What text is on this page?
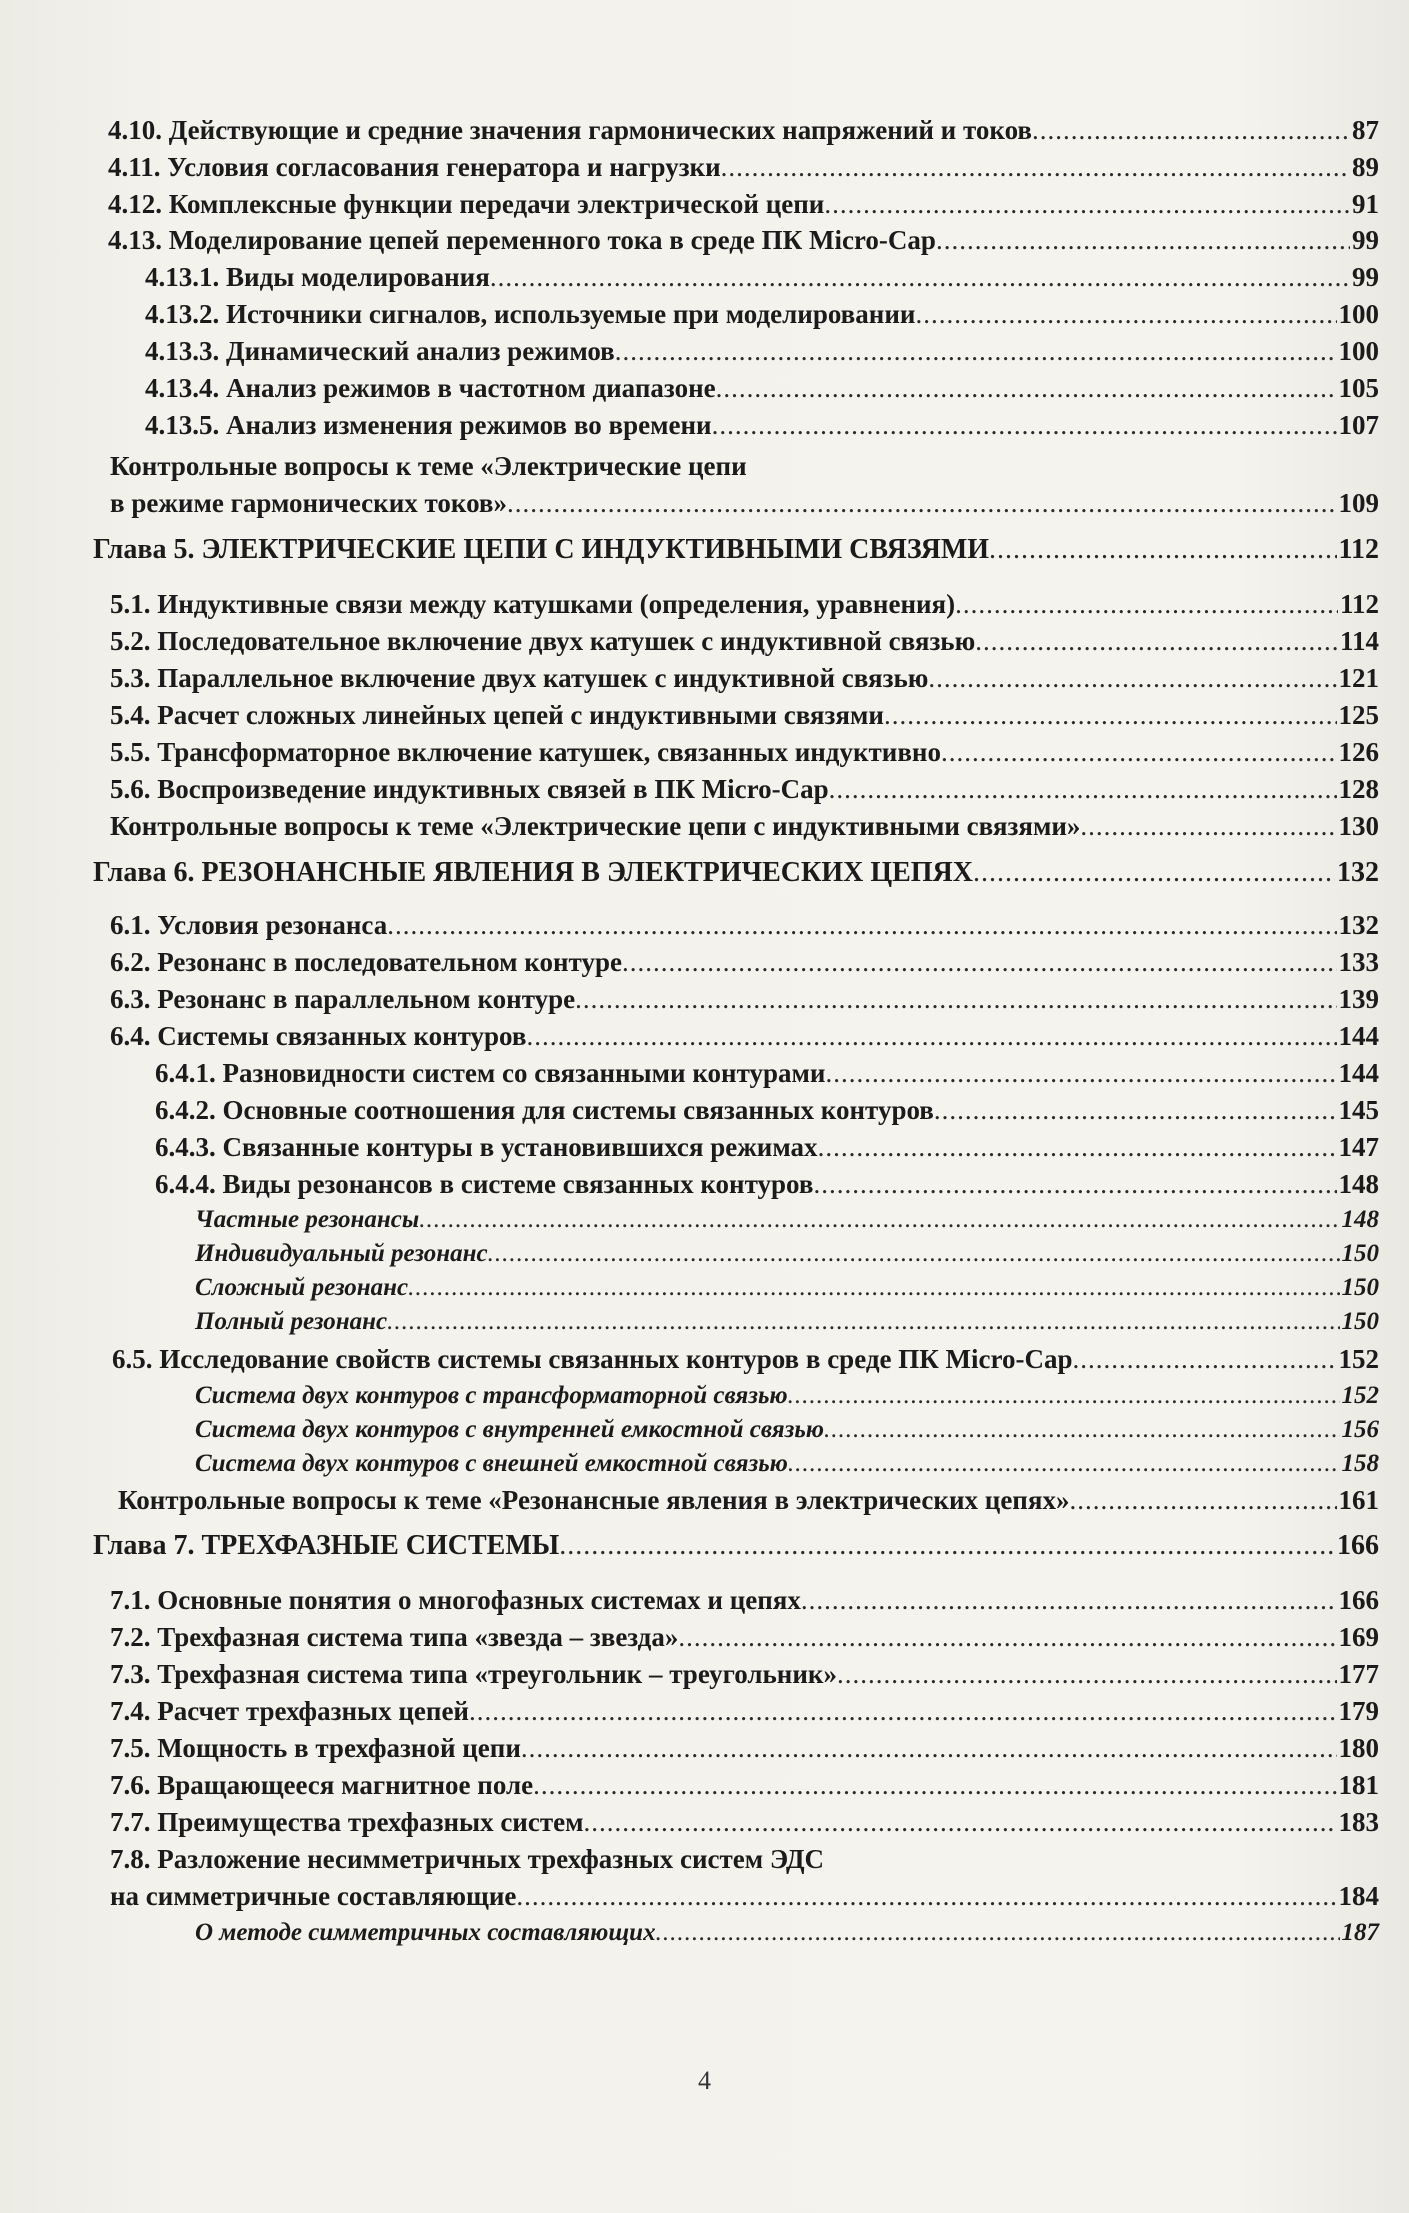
4.10. Действующие и средние значения гармонических напряжений и токов .....	87
4.11. Условия согласования генератора и нагрузки .....	89
4.12. Комплексные функции передачи электрической цепи .....	91
4.13. Моделирование цепей переменного тока в среде ПК Micro-Cap .....	99
4.13.1. Виды моделирования .....	99
4.13.2. Источники сигналов, используемые при моделировании .....	100
4.13.3. Динамический анализ режимов .....	100
4.13.4. Анализ режимов в частотном диапазоне .....	105
4.13.5. Анализ изменения режимов во времени .....	107
Контрольные вопросы к теме «Электрические цепи
в режиме гармонических токов» .....	109
Глава 5. ЭЛЕКТРИЧЕСКИЕ ЦЕПИ С ИНДУКТИВНЫМИ СВЯЗЯМИ .....	112
5.1. Индуктивные связи между катушками (определения, уравнения) .....	112
5.2. Последовательное включение двух катушек с индуктивной связью .....	114
5.3. Параллельное включение двух катушек с индуктивной связью .....	121
5.4. Расчет сложных линейных цепей с индуктивными связями .....	125
5.5. Трансформаторное включение катушек, связанных индуктивно .....	126
5.6. Воспроизведение индуктивных связей в ПК Micro-Cap .....	128
Контрольные вопросы к теме «Электрические цепи с индуктивными связями» .....	130
Глава 6. РЕЗОНАНСНЫЕ ЯВЛЕНИЯ В ЭЛЕКТРИЧЕСКИХ ЦЕПЯХ .....	132
6.1. Условия резонанса .....	132
6.2. Резонанс в последовательном контуре .....	133
6.3. Резонанс в параллельном контуре .....	139
6.4. Системы связанных контуров .....	144
6.4.1. Разновидности систем со связанными контурами .....	144
6.4.2. Основные соотношения для системы связанных контуров .....	145
6.4.3. Связанные контуры в установившихся режимах .....	147
6.4.4. Виды резонансов в системе связанных контуров .....	148
Частные резонансы .....	148
Индивидуальный резонанс .....	150
Сложный резонанс .....	150
Полный резонанс .....	150
6.5. Исследование свойств системы связанных контуров в среде ПК Micro-Cap .....	152
Система двух контуров с трансформаторной связью .....	152
Система двух контуров с внутренней емкостной связью .....	156
Система двух контуров с внешней емкостной связью .....	158
Контрольные вопросы к теме «Резонансные явления в электрических цепях» .....	161
Глава 7. ТРЕХФАЗНЫЕ СИСТЕМЫ .....	166
7.1. Основные понятия о многофазных системах и цепях .....	166
7.2. Трехфазная система типа «звезда – звезда» .....	169
7.3. Трехфазная система типа «треугольник – треугольник» .....	177
7.4. Расчет трехфазных цепей .....	179
7.5. Мощность в трехфазной цепи .....	180
7.6. Вращающееся магнитное поле .....	181
7.7. Преимущества трехфазных систем .....	183
7.8. Разложение несимметричных трехфазных систем ЭДС
на симметричные составляющие .....	184
О методе симметричных составляющих .....	187
4
